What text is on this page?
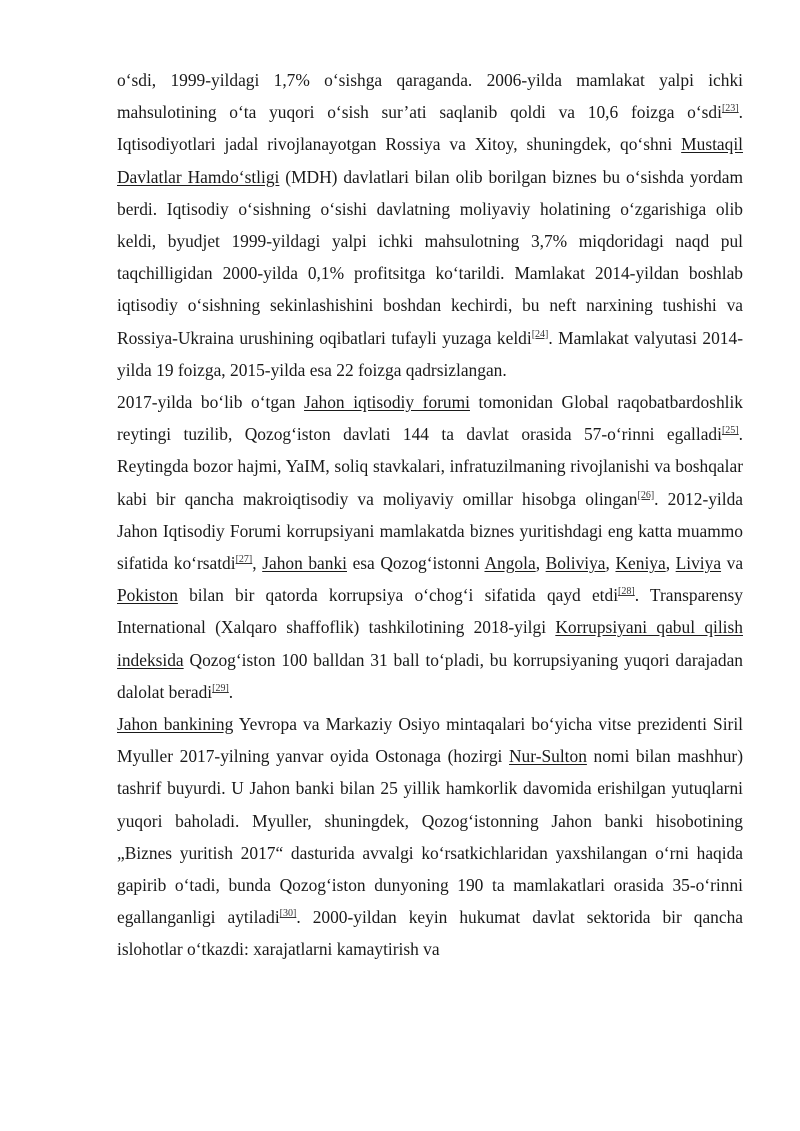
o‘sdi, 1999-yildagi 1,7% o‘sishga qaraganda. 2006-yilda mamlakat yalpi ichki mahsulotining o‘ta yuqori o‘sish sur’ati saqlanib qoldi va 10,6 foizga o‘sdi[23]. Iqtisodiyotlari jadal rivojlanayotgan Rossiya va Xitoy, shuningdek, qo‘shni Mustaqil Davlatlar Hamdo‘stligi (MDH) davlatlari bilan olib borilgan biznes bu o‘sishda yordam berdi. Iqtisodiy o‘sishning o‘sishi davlatning moliyaviy holatining o‘zgarishiga olib keldi, byudjet 1999-yildagi yalpi ichki mahsulotning 3,7% miqdoridagi naqd pul taqchilligidan 2000-yilda 0,1% profitsitga ko‘tarildi. Mamlakat 2014-yildan boshlab iqtisodiy o‘sishning sekinlashishini boshdan kechirdi, bu neft narxining tushishi va Rossiya-Ukraina urushining oqibatlari tufayli yuzaga keldi[24]. Mamlakat valyutasi 2014-yilda 19 foizga, 2015-yilda esa 22 foizga qadrsizlangan.

2017-yilda bo‘lib o‘tgan Jahon iqtisodiy forumi tomonidan Global raqobatbardoshlik reytingi tuzilib, Qozog‘iston davlati 144 ta davlat orasida 57-o‘rinni egalladi[25]. Reytingda bozor hajmi, YaIM, soliq stavkalari, infratuzilmaning rivojlanishi va boshqalar kabi bir qancha makroiqtisodiy va moliyaviy omillar hisobga olingan[26]. 2012-yilda Jahon Iqtisodiy Forumi korrupsiyani mamlakatda biznes yuritishdagi eng katta muammo sifatida ko‘rsatdi[27], Jahon banki esa Qozog‘istonni Angola, Boliviya, Keniya, Liviya va Pokiston bilan bir qatorda korrupsiya o‘chog‘i sifatida qayd etdi[28]. Transparensy International (Xalqaro shaffoflik) tashkilotining 2018-yilgi Korrupsiyani qabul qilish indeksida Qozog‘iston 100 balldan 31 ball to‘pladi, bu korrupsiyaning yuqori darajadan dalolat beradi[29].

Jahon bankining Yevropa va Markaziy Osiyo mintaqalari bo‘yicha vitse prezidenti Siril Myuller 2017-yilning yanvar oyida Ostonaga (hozirgi Nur-Sulton nomi bilan mashhur) tashrif buyurdi. U Jahon banki bilan 25 yillik hamkorlik davomida erishilgan yutuqlarni yuqori baholadi. Myuller, shuningdek, Qozog‘istonning Jahon banki hisobotining „Biznes yuritish 2017“ dasturida avvalgi ko‘rsatkichlaridan yaxshilangan o‘rni haqida gapirib o‘tadi, bunda Qozog‘iston dunyoning 190 ta mamlakatlari orasida 35-o‘rinni egallanganligi aytiladi[30]. 2000-yildan keyin hukumat davlat sektorida bir qancha islohotlar o‘tkazdi: xarajatlarni kamaytirish va
